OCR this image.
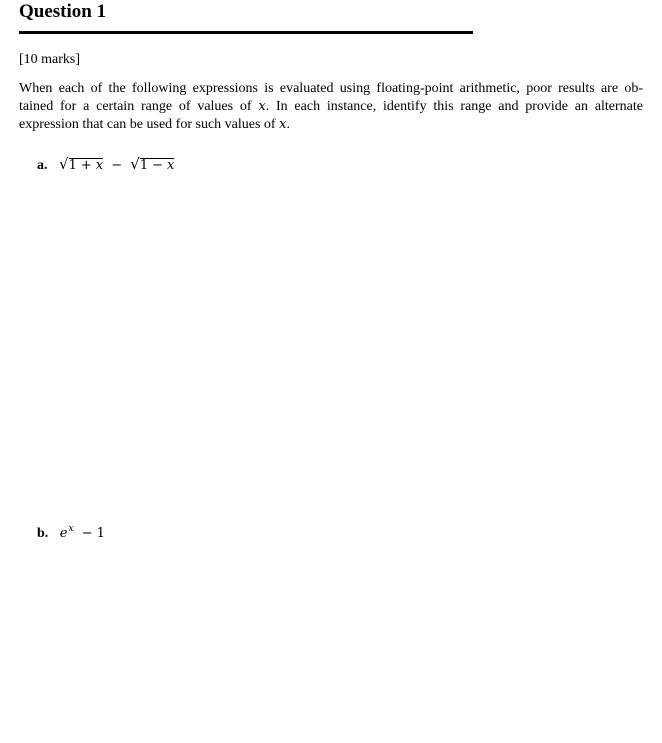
Question 1
[10 marks]
When each of the following expressions is evaluated using floating-point arithmetic, poor results are ob-
tained for a certain range of values of x. In each instance, identify this range and provide an alternate
expression that can be used for such values of x.
a. √1 + x − √1 − x
b. $e^x - 1$
